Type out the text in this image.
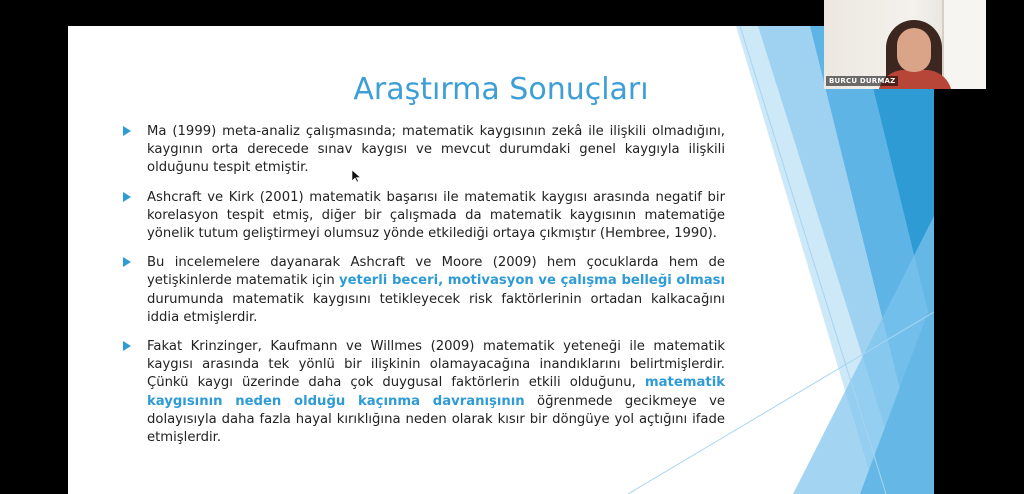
Araştırma Sonuçları
Ma (1999) meta-analiz çalışmasında; matematik kaygısının zekâ ile ilişkili olmadığını, kaygının orta derecede sınav kaygısı ve mevcut durumdaki genel kaygıyla ilişkili olduğunu tespit etmiştir.
Ashcraft ve Kirk (2001) matematik başarısı ile matematik kaygısı arasında negatif bir korelasyon tespit etmiş, diğer bir çalışmada da matematik kaygısının matematiğe yönelik tutum geliştirmeyi olumsuz yönde etkilediği ortaya çıkmıştır (Hembree, 1990).
Bu incelemelere dayanarak Ashcraft ve Moore (2009) hem çocuklarda hem de yetişkinlerde matematik için yeterli beceri, motivasyon ve çalışma belleği olması durumunda matematik kaygısını tetikleyecek risk faktörlerinin ortadan kalkacağını iddia etmişlerdir.
Fakat Krinzinger, Kaufmann ve Willmes (2009) matematik yeteneği ile matematik kaygısı arasında tek yönlü bir ilişkinin olamayacağına inandıklarını belirtmişlerdir. Çünkü kaygı üzerinde daha çok duygusal faktörlerin etkili olduğunu, matematik kaygısının neden olduğu kaçınma davranışının öğrenmede gecikmeye ve dolayısıyla daha fazla hayal kırıklığına neden olarak kısır bir döngüye yol açtığını ifade etmişlerdir.
BURCU DURMAZ
